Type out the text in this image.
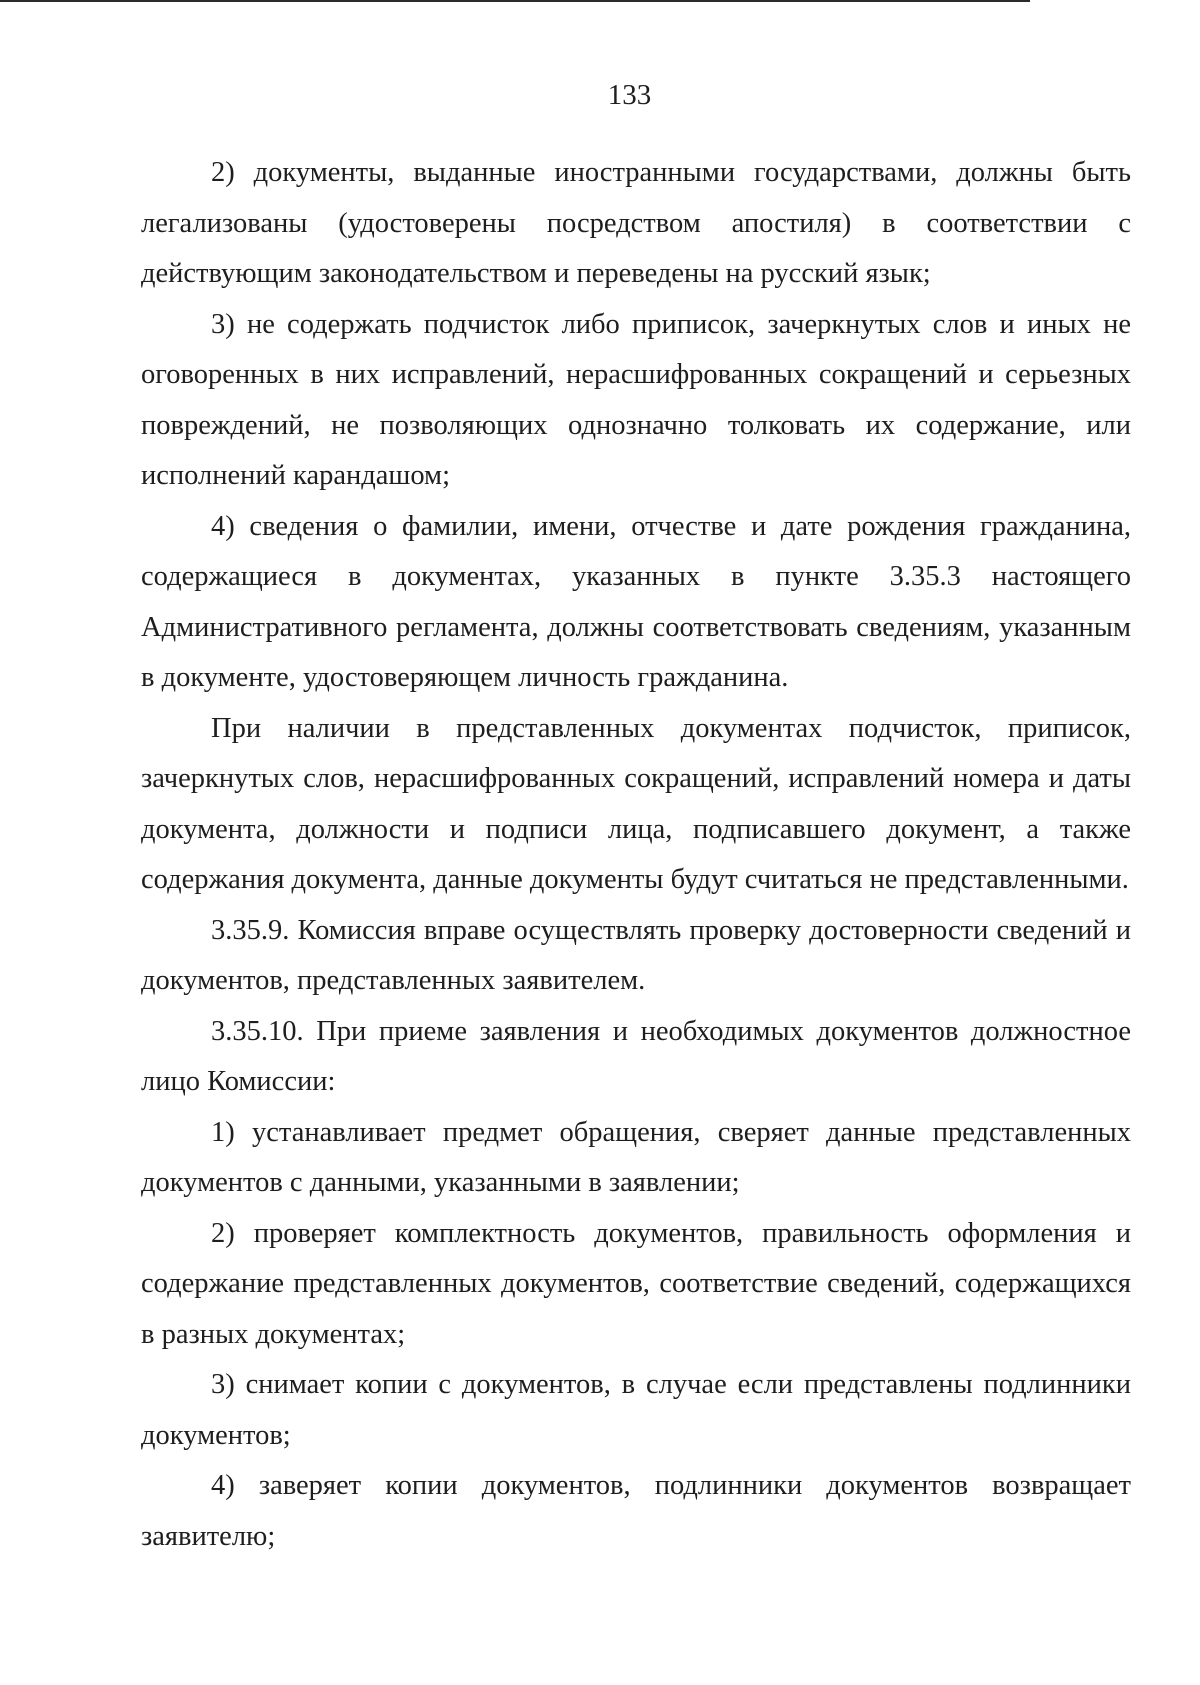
133

2) документы, выданные иностранными государствами, должны быть легализованы (удостоверены посредством апостиля) в соответствии с действующим законодательством и переведены на русский язык;

3) не содержать подчисток либо приписок, зачеркнутых слов и иных не оговоренных в них исправлений, нерасшифрованных сокращений и серьезных повреждений, не позволяющих однозначно толковать их содержание, или исполнений карандашом;

4) сведения о фамилии, имени, отчестве и дате рождения гражданина, содержащиеся в документах, указанных в пункте 3.35.3 настоящего Административного регламента, должны соответствовать сведениям, указанным в документе, удостоверяющем личность гражданина.

При наличии в представленных документах подчисток, приписок, зачеркнутых слов, нерасшифрованных сокращений, исправлений номера и даты документа, должности и подписи лица, подписавшего документ, а также содержания документа, данные документы будут считаться не представленными.

3.35.9. Комиссия вправе осуществлять проверку достоверности сведений и документов, представленных заявителем.

3.35.10. При приеме заявления и необходимых документов должностное лицо Комиссии:

1) устанавливает предмет обращения, сверяет данные представленных документов с данными, указанными в заявлении;

2) проверяет комплектность документов, правильность оформления и содержание представленных документов, соответствие сведений, содержащихся в разных документах;

3) снимает копии с документов, в случае если представлены подлинники документов;

4) заверяет копии документов, подлинники документов возвращает заявителю;
